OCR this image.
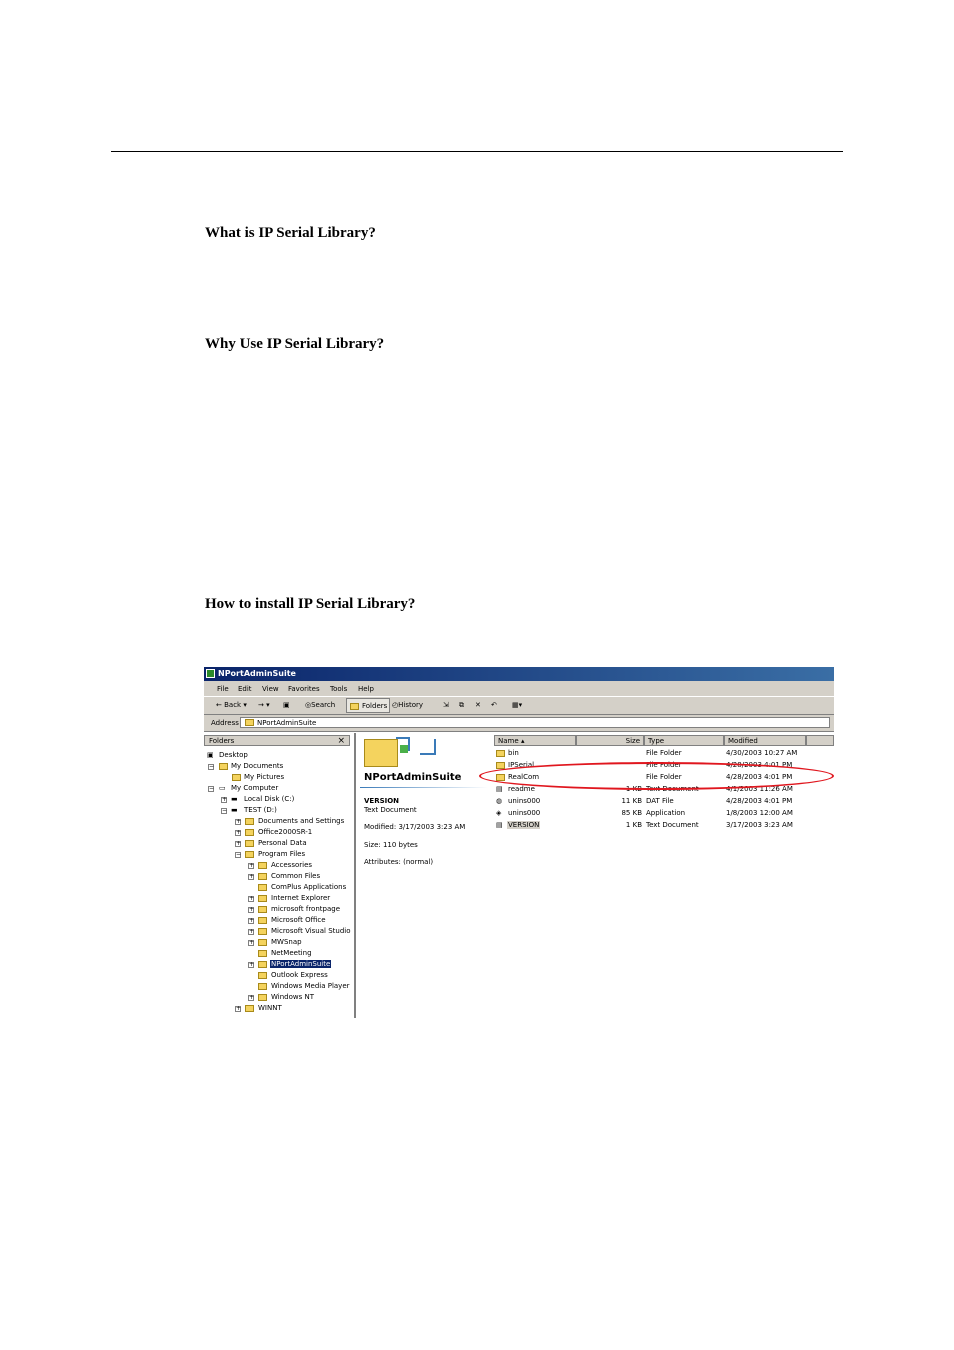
What is IP Serial Library?
Why Use IP Serial Library?
How to install IP Serial Library?
NPortAdminSuite
File Edit View Favorites Tools Help
← Back ▾ → ▾ ▣ ◎Search	◴History	⇲ ⧉ ✕ ↶ ▦▾
Folders
Address	NPortAdminSuite
Folders	×
▣ Desktop
− My Documents
My Pictures
− ▭ My Computer
+ ▬ Local Disk (C:)
− ▬ TEST (D:)
+ Documents and Settings
+ Office2000SR-1
+ Personal Data
− Program Files
+ Accessories
+ Common Files
ComPlus Applications
+ Internet Explorer
+ microsoft frontpage
+ Microsoft Office
+ Microsoft Visual Studio
+ MWSnap
NetMeeting
+ NPortAdminSuite
Outlook Express
Windows Media Player
+ Windows NT
+ WINNT
NPortAdminSuite
VERSION
Text Document
Modified: 3/17/2003 3:23 AM
Size: 110 bytes
Attributes: (normal)
Name ▴	Size Type	Modified
bin	File Folder	4/30/2003 10:27 AM
IPSerial	File Folder	4/28/2003 4:01 PM
RealCom	File Folder	4/28/2003 4:01 PM
▤ readme	1 KB Text Document	4/1/2003 11:26 AM
◍ unins000	11 KB DAT File	4/28/2003 4:01 PM
◈ unins000	85 KB Application	1/8/2003 12:00 AM
▤ VERSION	1 KB Text Document	3/17/2003 3:23 AM
